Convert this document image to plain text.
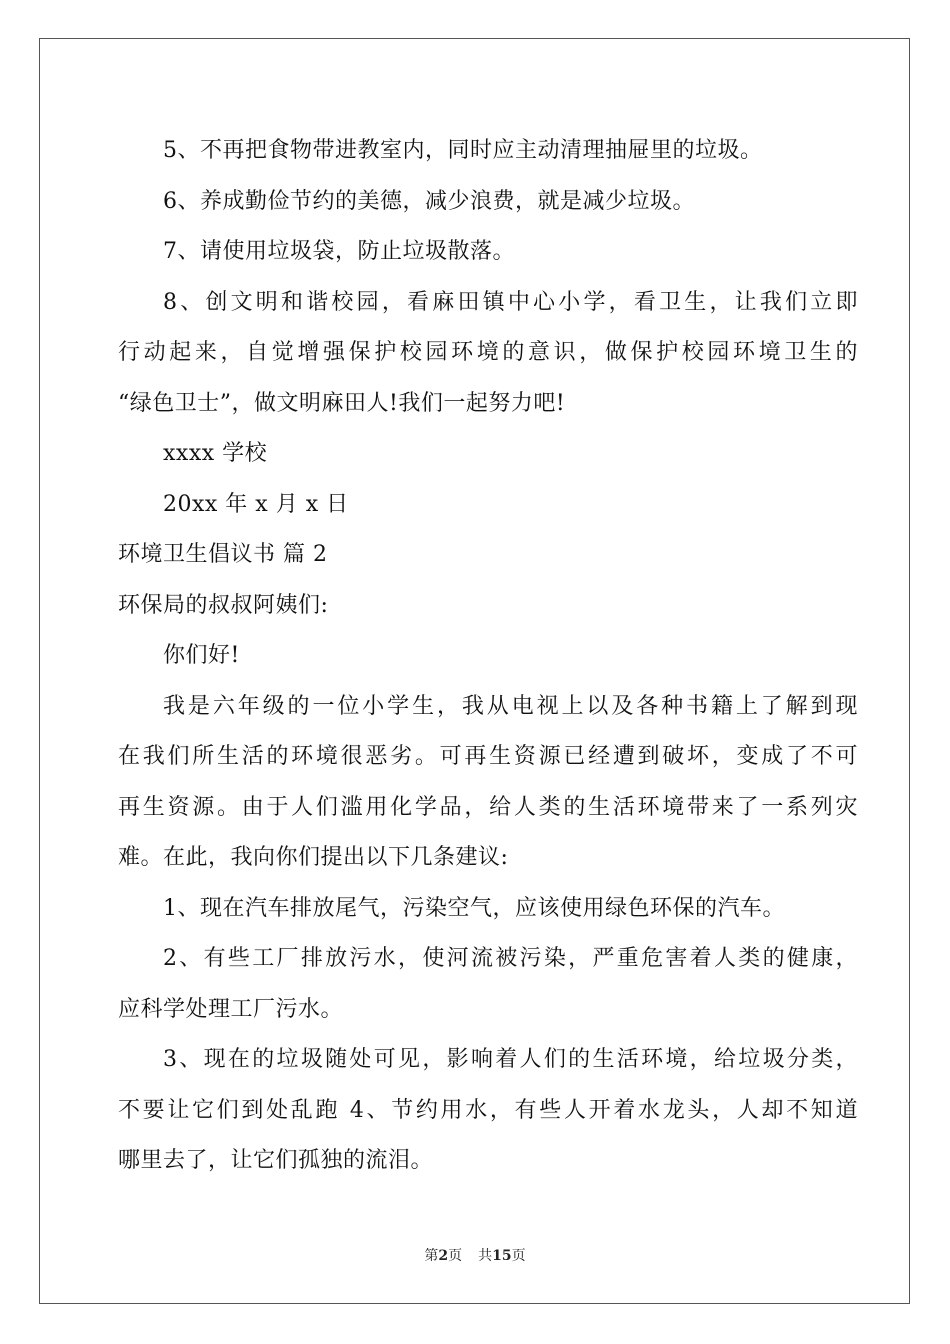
5、不再把食物带进教室内，同时应主动清理抽屉里的垃圾。
6、养成勤俭节约的美德，减少浪费，就是减少垃圾。
7、请使用垃圾袋，防止垃圾散落。
8、创文明和谐校园，看麻田镇中心小学，看卫生，让我们立即
行动起来，自觉增强保护校园环境的意识，做保护校园环境卫生的
“绿色卫士”，做文明麻田人!我们一起努力吧!
xxxx 学校
20xx 年 x 月 x 日
环境卫生倡议书 篇 2
环保局的叔叔阿姨们:
你们好!
我是六年级的一位小学生，我从电视上以及各种书籍上了解到现
在我们所生活的环境很恶劣。可再生资源已经遭到破坏，变成了不可
再生资源。由于人们滥用化学品，给人类的生活环境带来了一系列灾
难。在此，我向你们提出以下几条建议:
1、现在汽车排放尾气，污染空气，应该使用绿色环保的汽车。
2、有些工厂排放污水，使河流被污染，严重危害着人类的健康，
应科学处理工厂污水。
3、现在的垃圾随处可见，影响着人们的生活环境，给垃圾分类，
不要让它们到处乱跑 4、节约用水，有些人开着水龙头，人却不知道
哪里去了，让它们孤独的流泪。
第2页 共15页
